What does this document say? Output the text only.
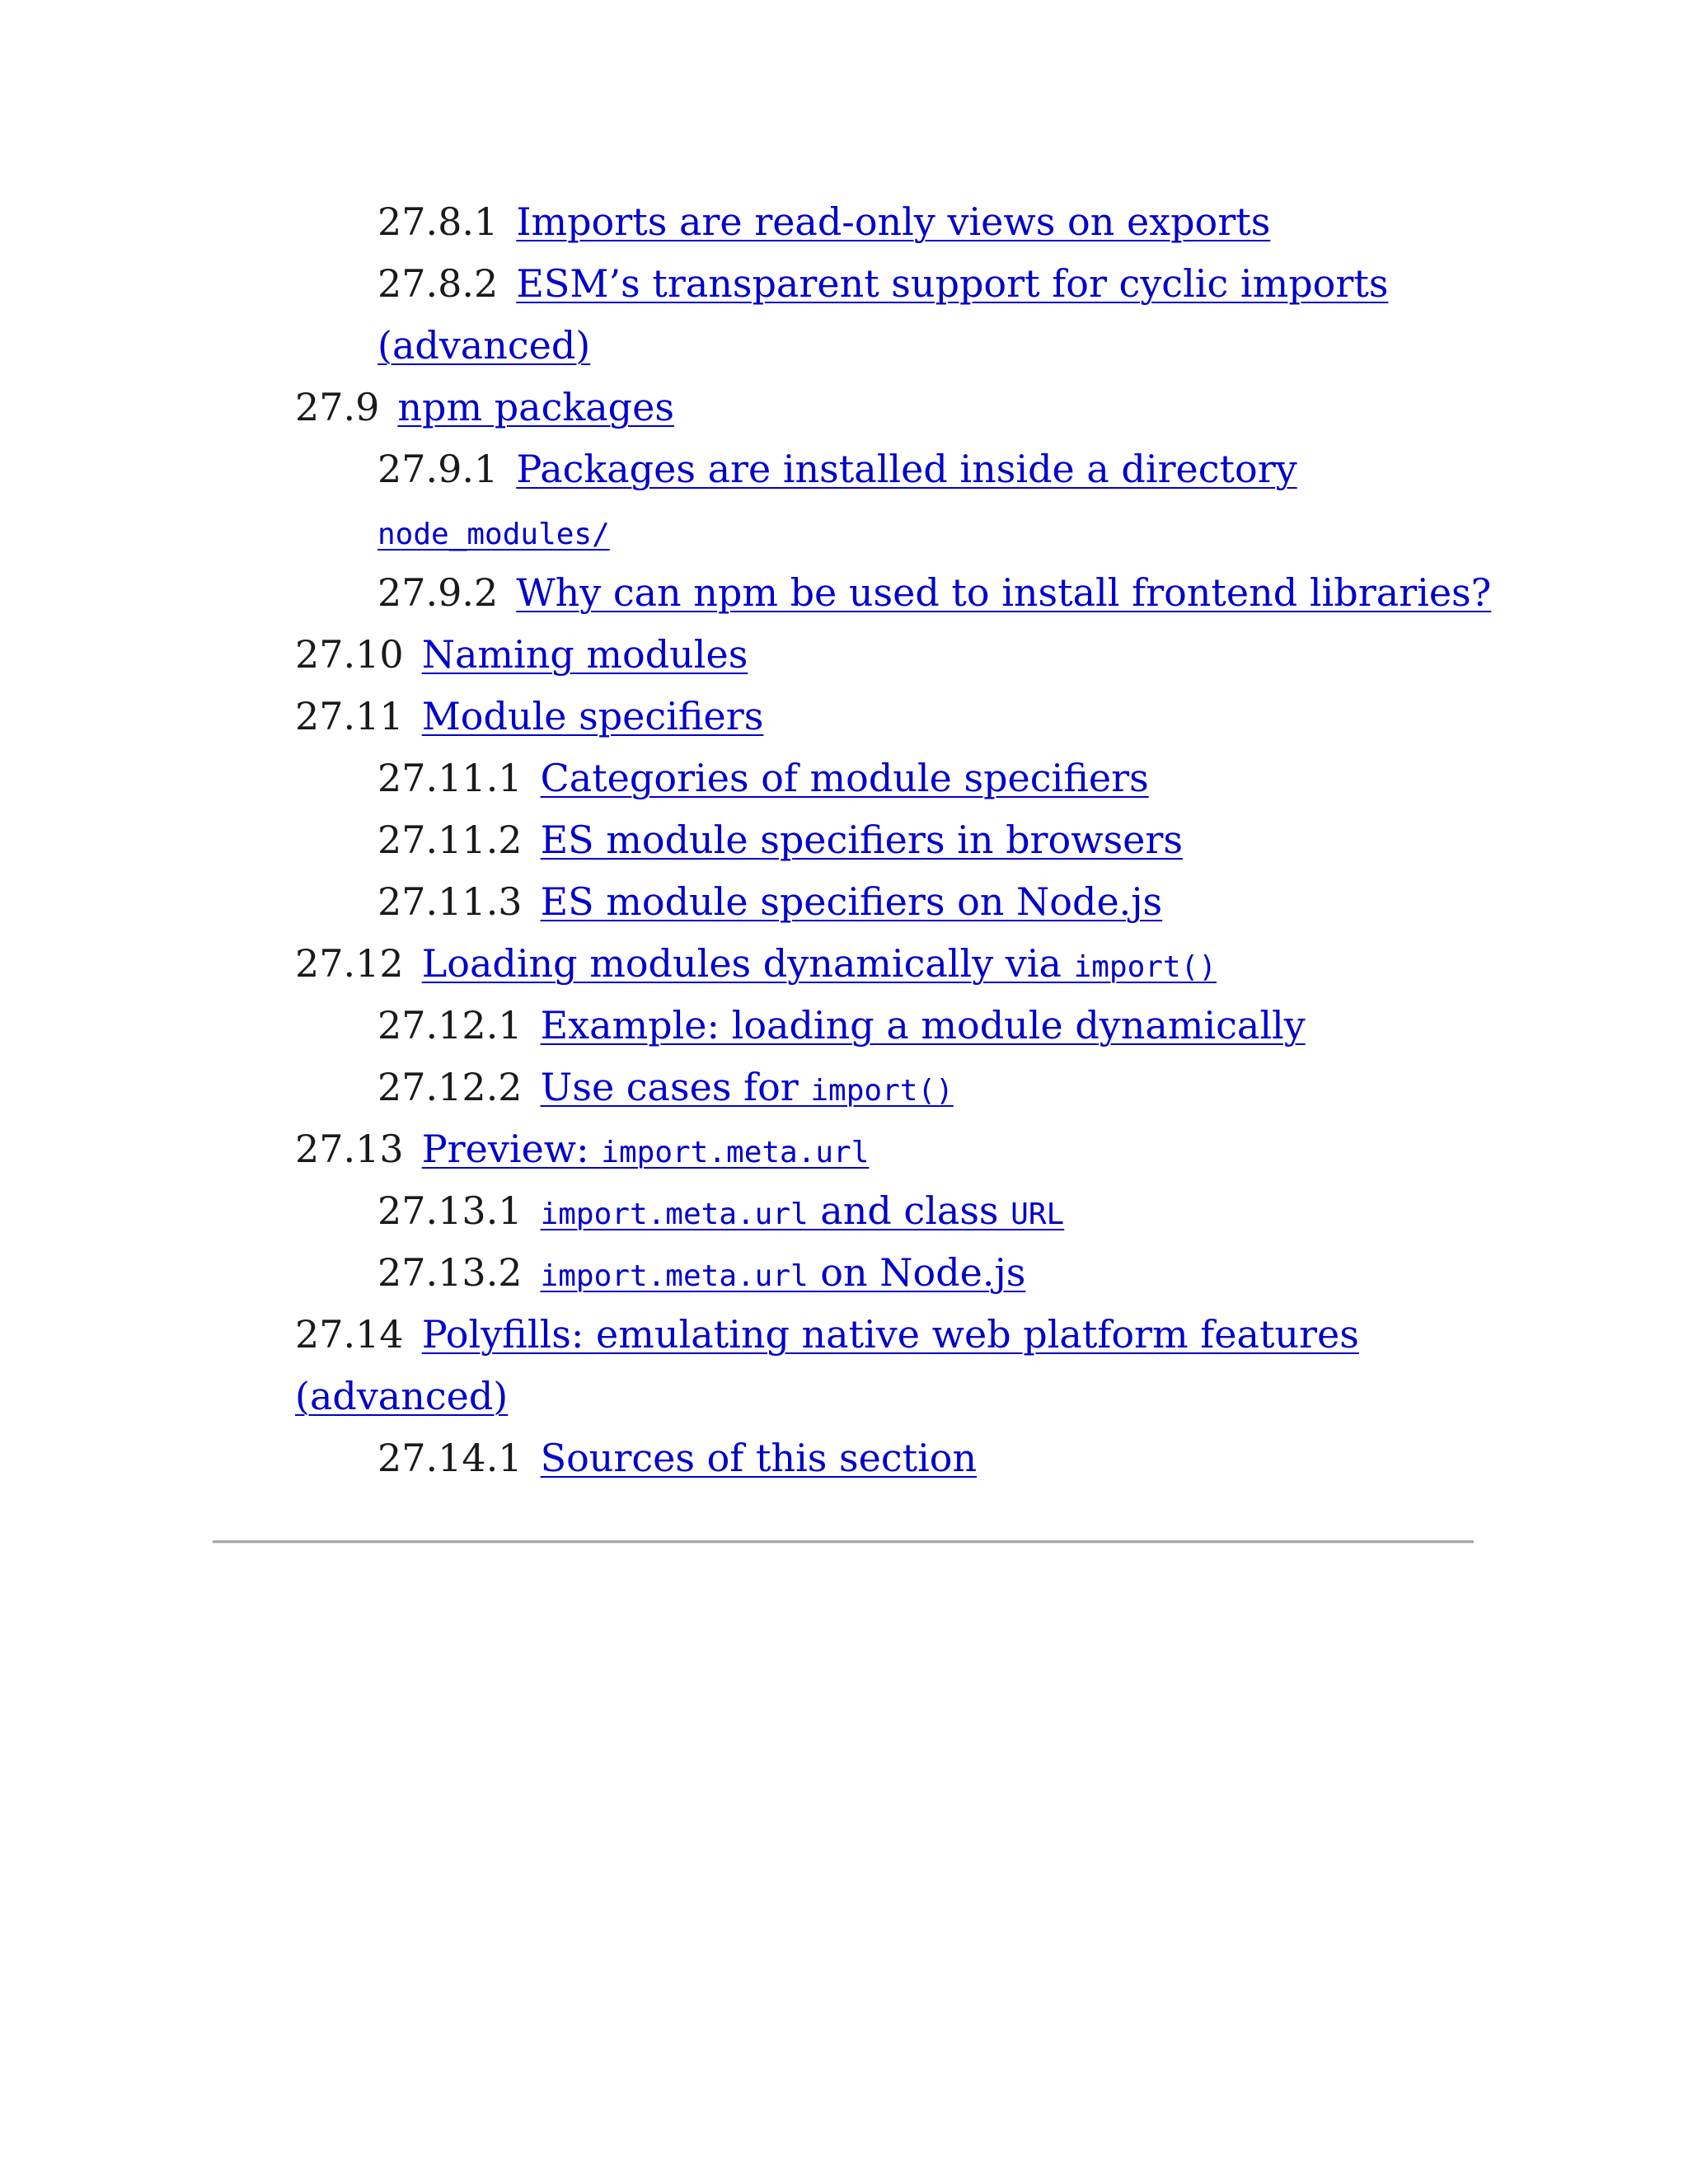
27.8.1 Imports are read-only views on exports
27.8.2 ESM’s transparent support for cyclic imports
(advanced)
27.9 npm packages
27.9.1 Packages are installed inside a directory
node_modules/
27.9.2 Why can npm be used to install frontend libraries?
27.10 Naming modules
27.11 Module specifiers
27.11.1 Categories of module specifiers
27.11.2 ES module specifiers in browsers
27.11.3 ES module specifiers on Node.js
27.12 Loading modules dynamically via import()
27.12.1 Example: loading a module dynamically
27.12.2 Use cases for import()
27.13 Preview: import.meta.url
27.13.1 import.meta.url and class URL
27.13.2 import.meta.url on Node.js
27.14 Polyfills: emulating native web platform features
(advanced)
27.14.1 Sources of this section
